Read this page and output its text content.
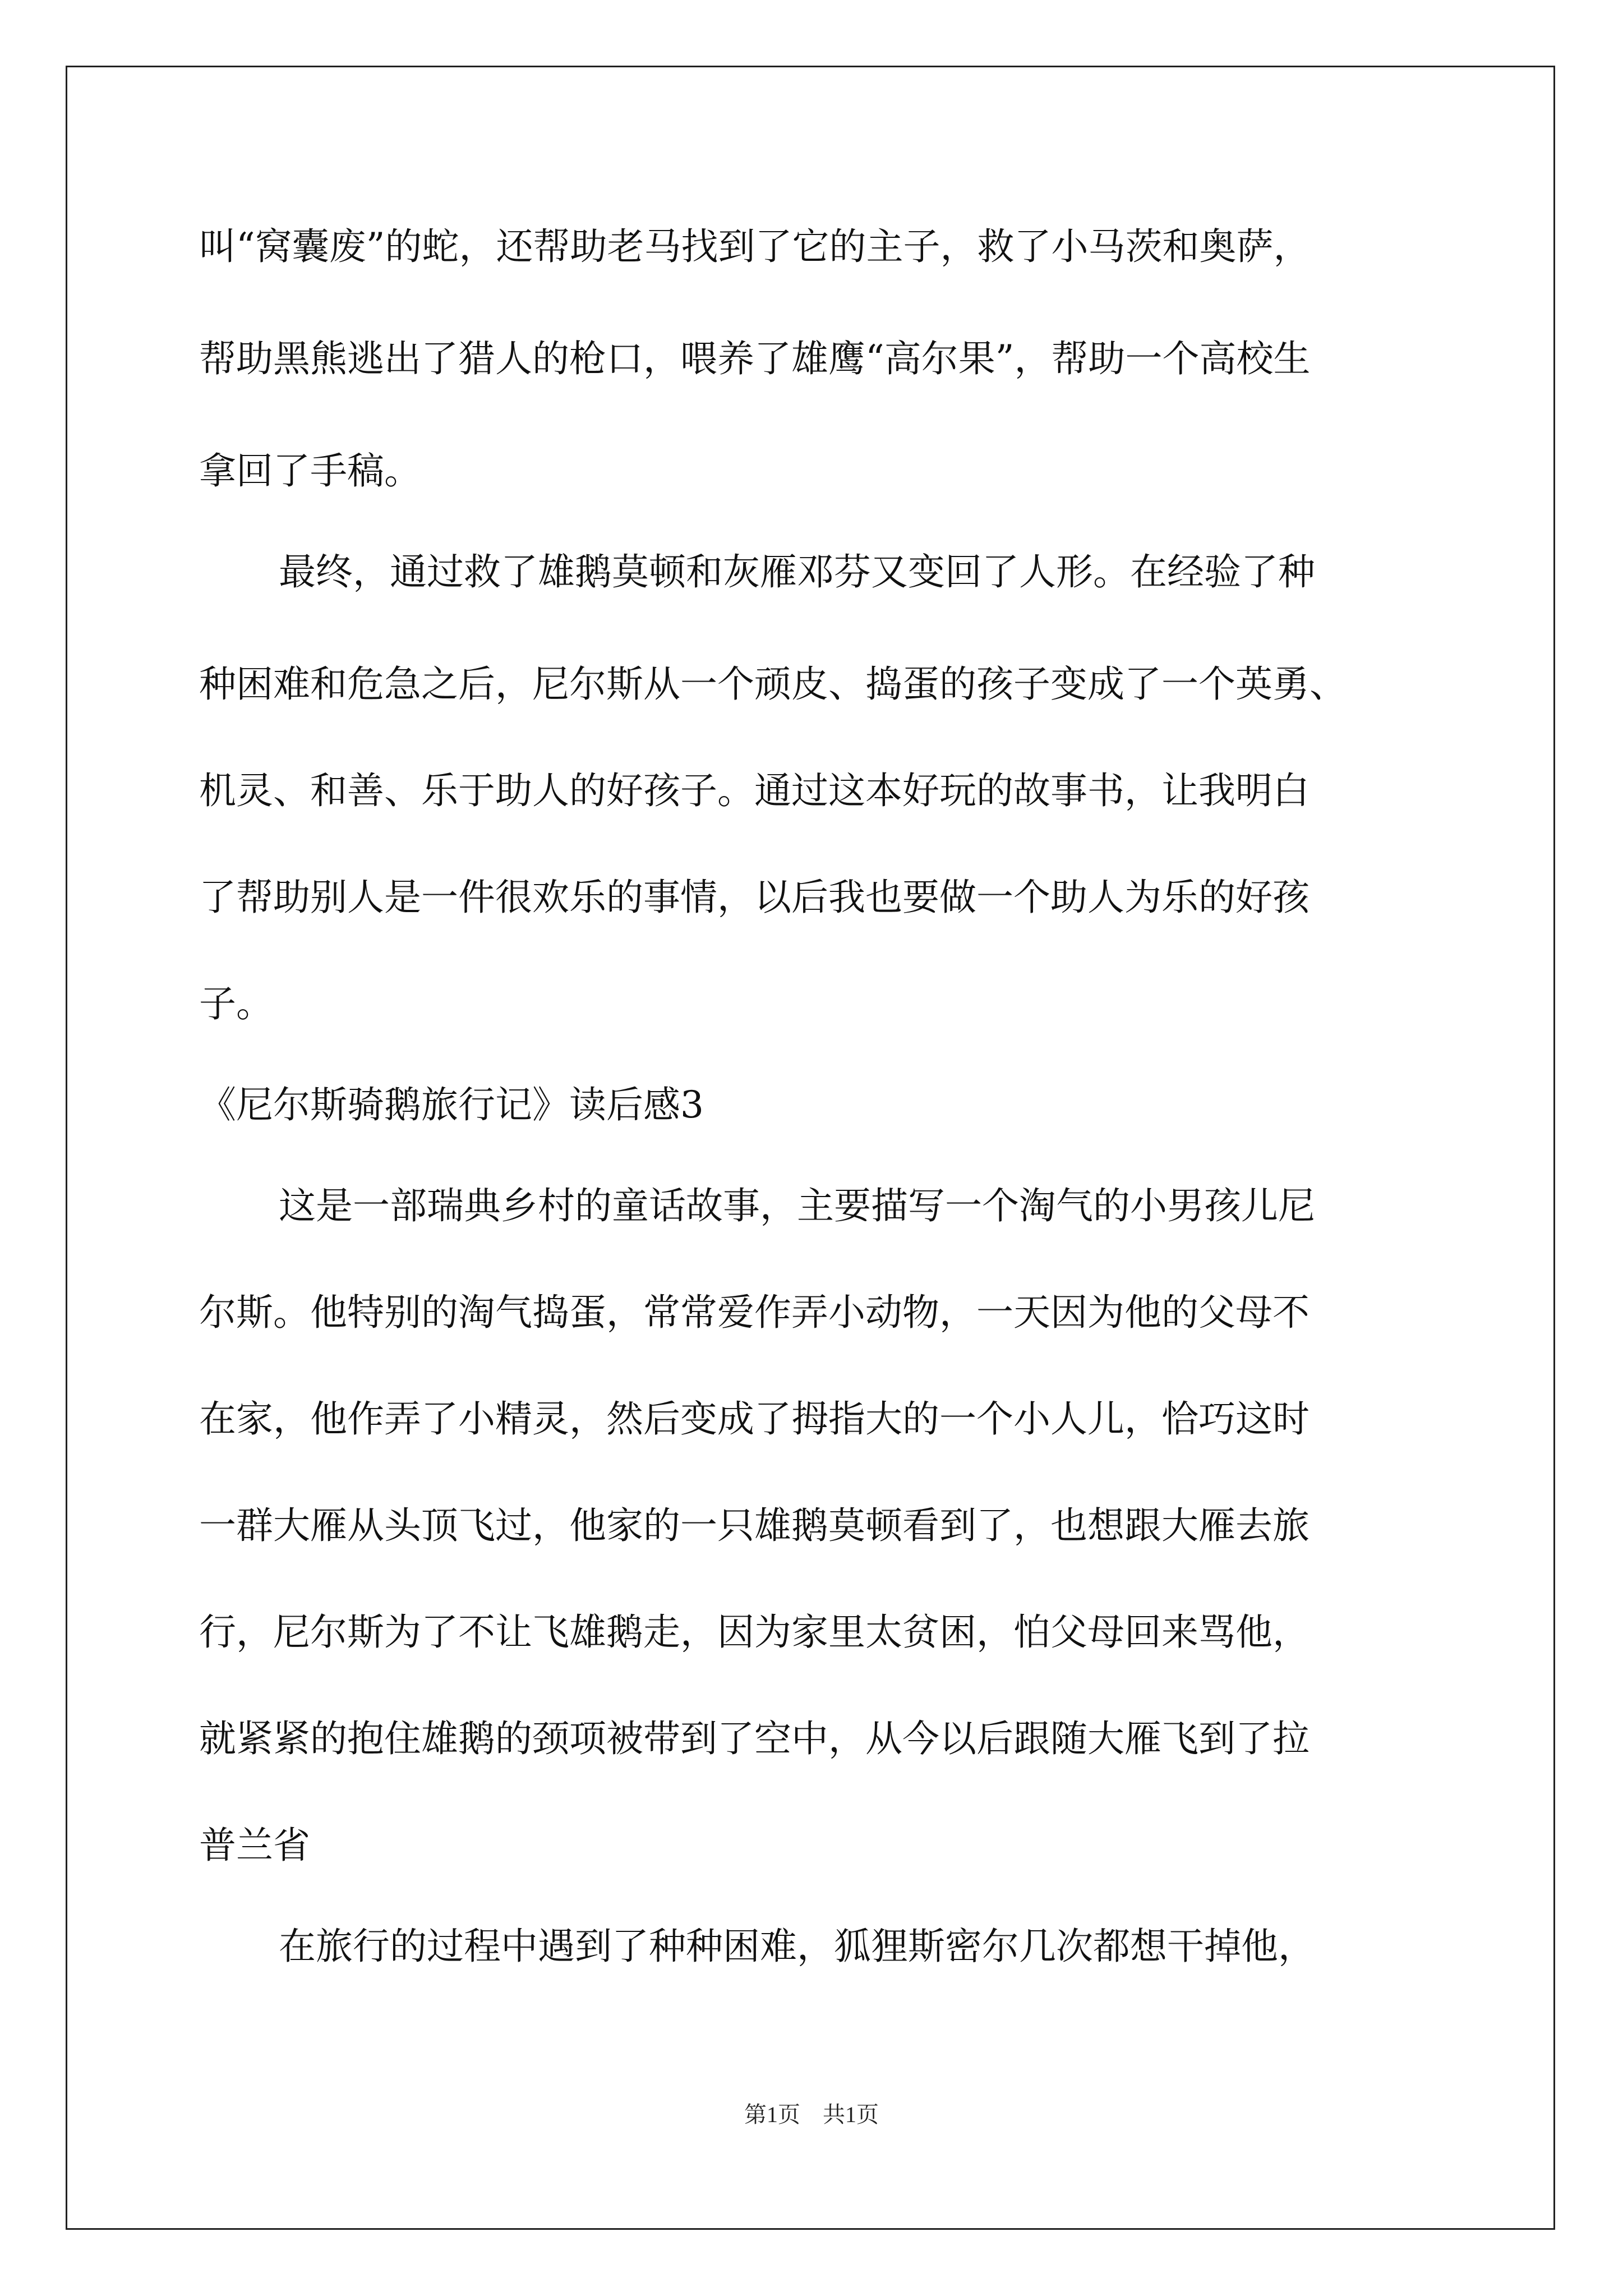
叫“窝囊废”的蛇，还帮助老马找到了它的主子，救了小马茨和奥萨，
帮助黑熊逃出了猎人的枪口，喂养了雄鹰“高尔果”，帮助一个高校生
拿回了手稿。
最终，通过救了雄鹅莫顿和灰雁邓芬又变回了人形。在经验了种
种困难和危急之后，尼尔斯从一个顽皮、捣蛋的孩子变成了一个英勇、
机灵、和善、乐于助人的好孩子。通过这本好玩的故事书，让我明白
了帮助别人是一件很欢乐的事情，以后我也要做一个助人为乐的好孩
子。
《尼尔斯骑鹅旅行记》读后感3
这是一部瑞典乡村的童话故事，主要描写一个淘气的小男孩儿尼
尔斯。他特别的淘气捣蛋，常常爱作弄小动物，一天因为他的父母不
在家，他作弄了小精灵，然后变成了拇指大的一个小人儿，恰巧这时
一群大雁从头顶飞过，他家的一只雄鹅莫顿看到了，也想跟大雁去旅
行，尼尔斯为了不让飞雄鹅走，因为家里太贫困，怕父母回来骂他，
就紧紧的抱住雄鹅的颈项被带到了空中，从今以后跟随大雁飞到了拉
普兰省
在旅行的过程中遇到了种种困难，狐狸斯密尔几次都想干掉他，
第1页　共1页
